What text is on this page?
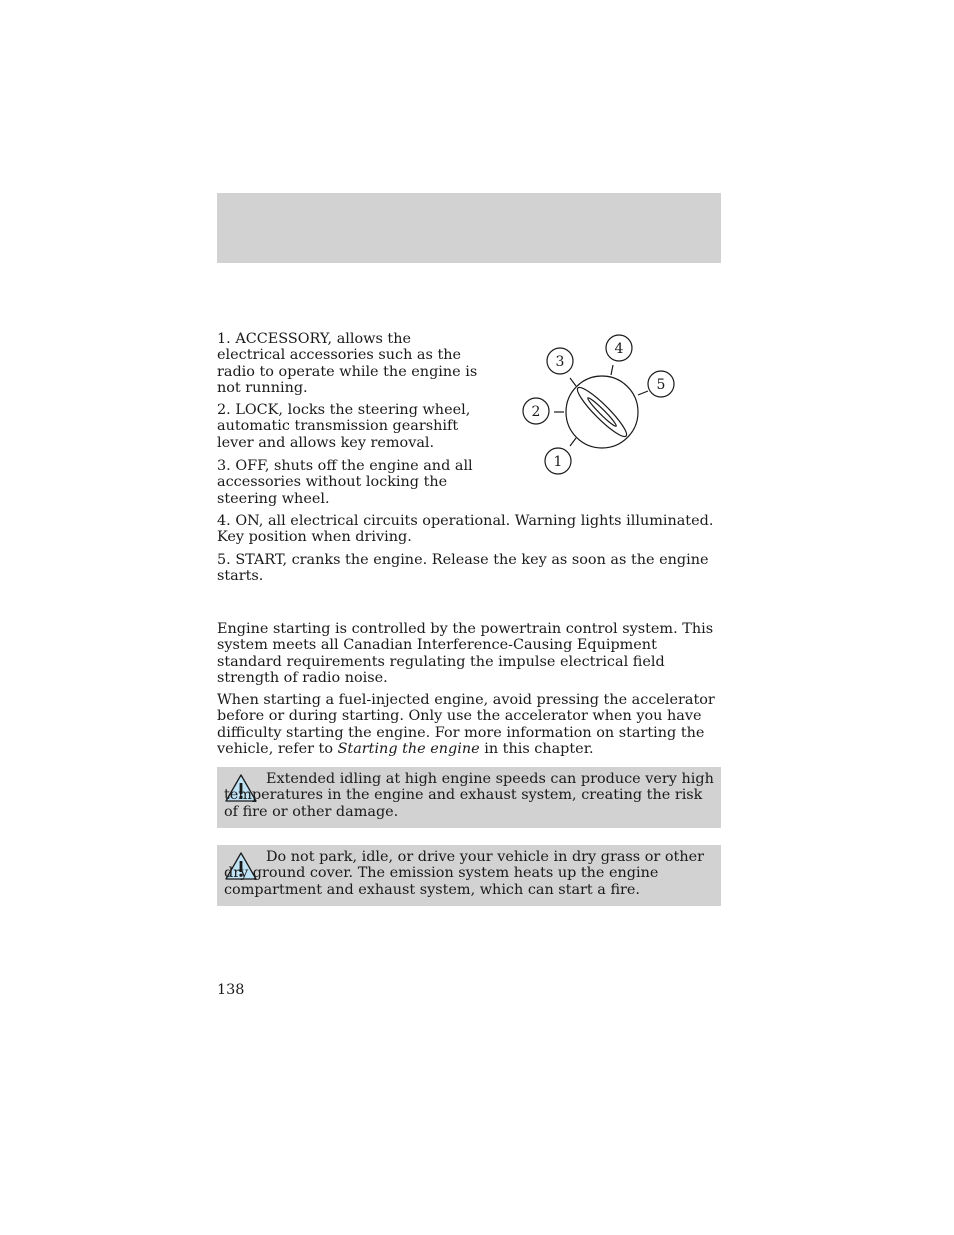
1. ACCESSORY, allows the electrical accessories such as the radio to operate while the engine is not running.

2. LOCK, locks the steering wheel, automatic transmission gearshift lever and allows key removal.

3. OFF, shuts off the engine and all accessories without locking the steering wheel.

4. ON, all electrical circuits operational. Warning lights illuminated. Key position when driving.

5. START, cranks the engine. Release the key as soon as the engine starts.

3
4
5
2
1

Engine starting is controlled by the powertrain control system. This system meets all Canadian Interference-Causing Equipment standard requirements regulating the impulse electrical field strength of radio noise.

When starting a fuel-injected engine, avoid pressing the accelerator before or during starting. Only use the accelerator when you have difficulty starting the engine. For more information on starting the vehicle, refer to Starting the engine in this chapter.

Extended idling at high engine speeds can produce very high temperatures in the engine and exhaust system, creating the risk of fire or other damage.

Do not park, idle, or drive your vehicle in dry grass or other dry ground cover. The emission system heats up the engine compartment and exhaust system, which can start a fire.

138
